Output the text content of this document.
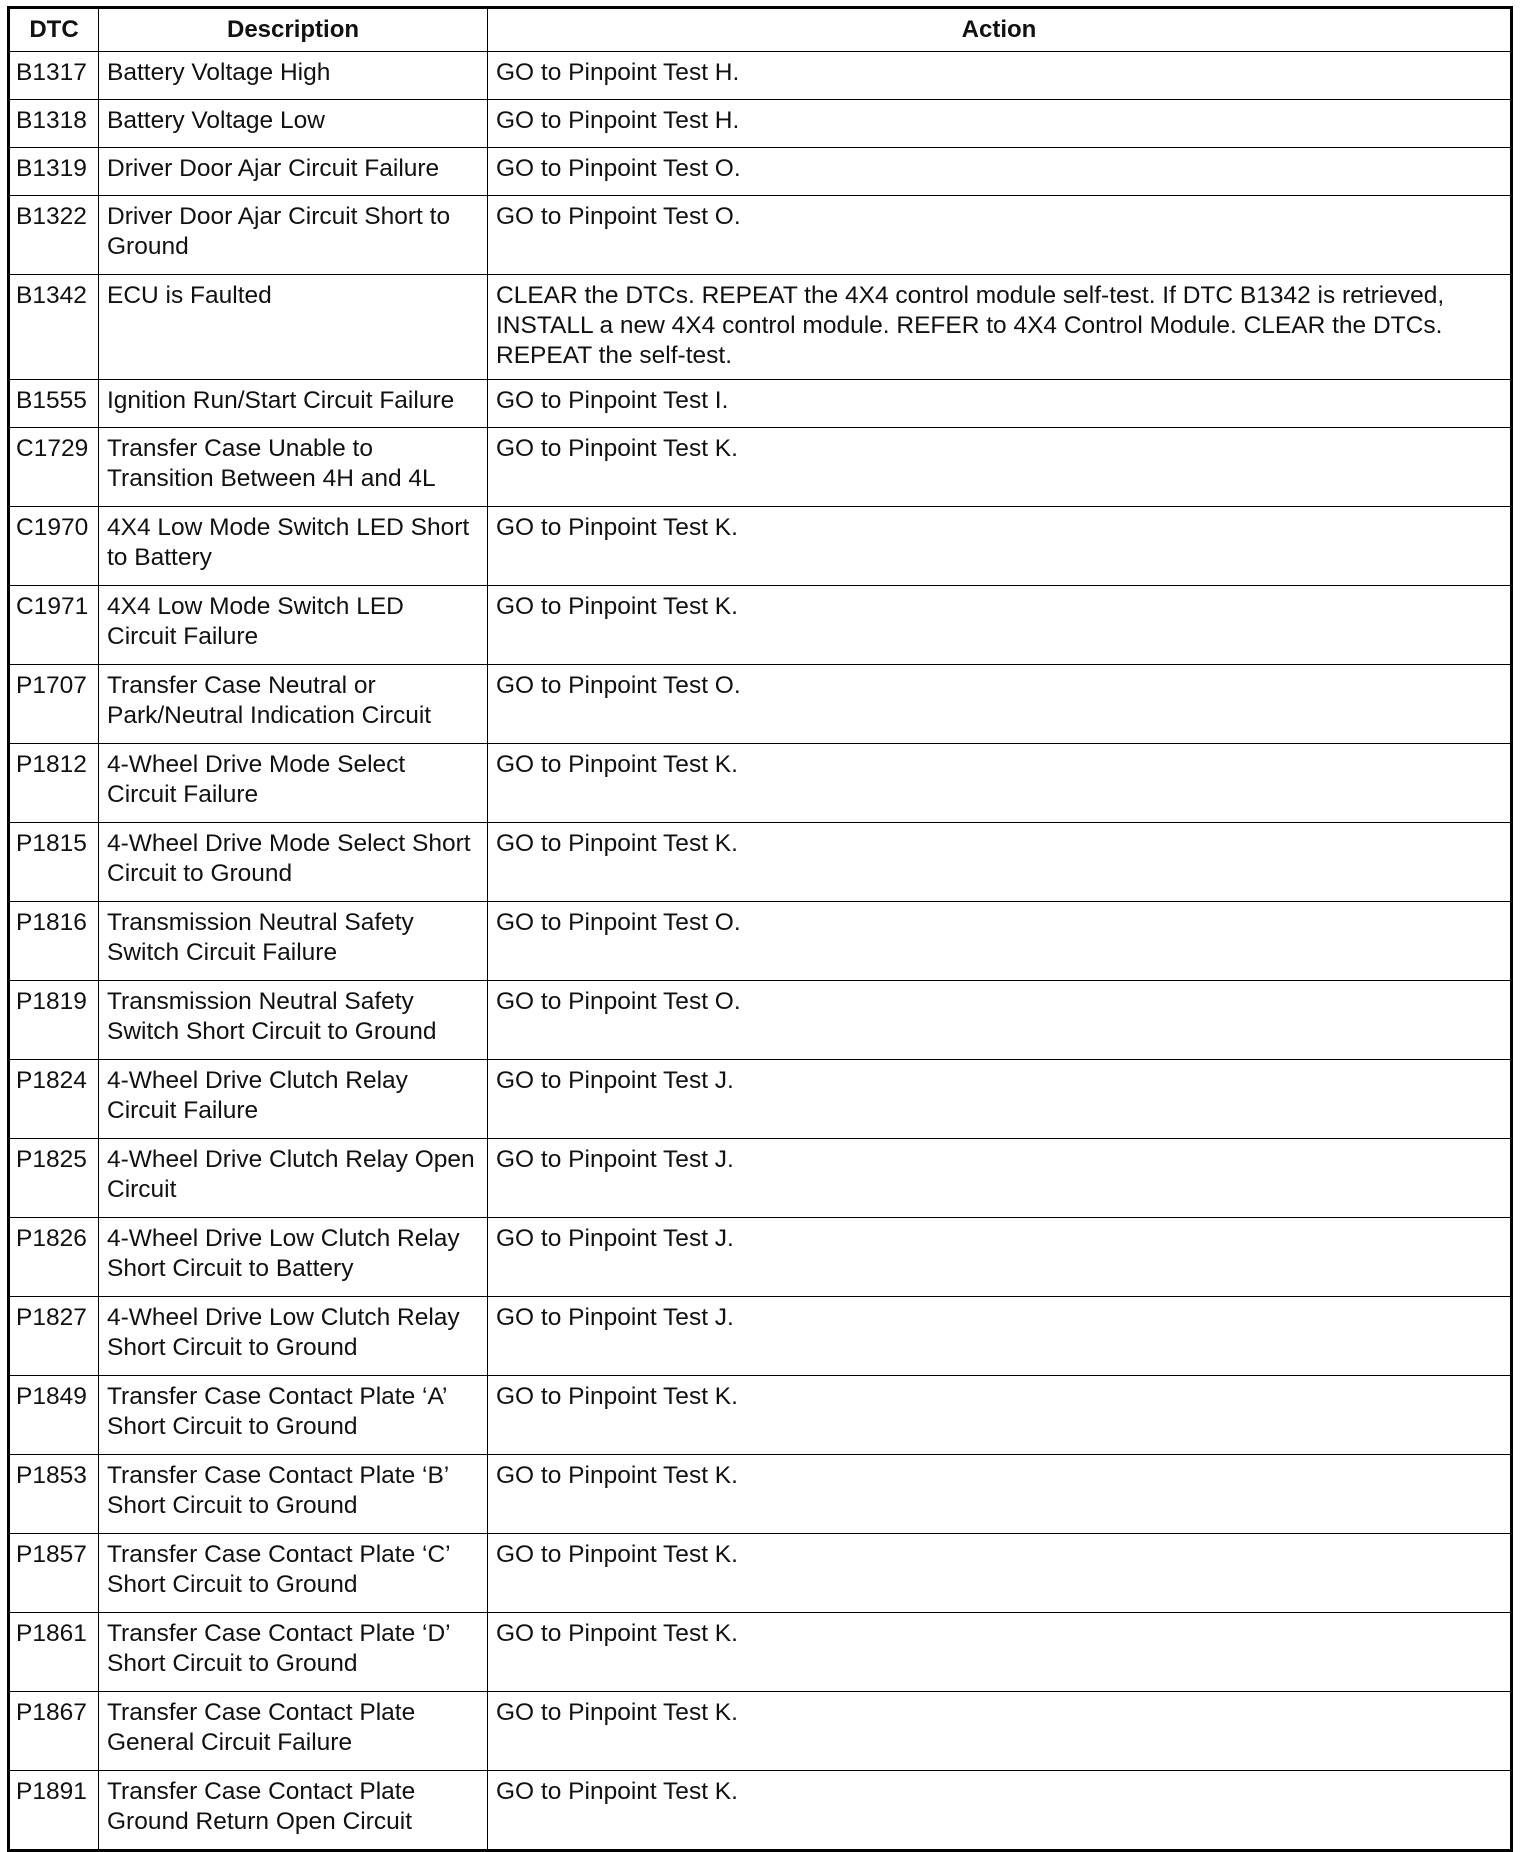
DTC	Description	Action
B1317	Battery Voltage High	GO to Pinpoint Test H.
B1318	Battery Voltage Low	GO to Pinpoint Test H.
B1319	Driver Door Ajar Circuit Failure	GO to Pinpoint Test O.
B1322	Driver Door Ajar Circuit Short to Ground	GO to Pinpoint Test O.
B1342	ECU is Faulted	CLEAR the DTCs. REPEAT the 4X4 control module self-test. If DTC B1342 is retrieved, INSTALL a new 4X4 control module. REFER to 4X4 Control Module. CLEAR the DTCs. REPEAT the self-test.
B1555	Ignition Run/Start Circuit Failure	GO to Pinpoint Test I.
C1729	Transfer Case Unable to Transition Between 4H and 4L	GO to Pinpoint Test K.
C1970	4X4 Low Mode Switch LED Short to Battery	GO to Pinpoint Test K.
C1971	4X4 Low Mode Switch LED Circuit Failure	GO to Pinpoint Test K.
P1707	Transfer Case Neutral or Park/Neutral Indication Circuit	GO to Pinpoint Test O.
P1812	4-Wheel Drive Mode Select Circuit Failure	GO to Pinpoint Test K.
P1815	4-Wheel Drive Mode Select Short Circuit to Ground	GO to Pinpoint Test K.
P1816	Transmission Neutral Safety Switch Circuit Failure	GO to Pinpoint Test O.
P1819	Transmission Neutral Safety Switch Short Circuit to Ground	GO to Pinpoint Test O.
P1824	4-Wheel Drive Clutch Relay Circuit Failure	GO to Pinpoint Test J.
P1825	4-Wheel Drive Clutch Relay Open Circuit	GO to Pinpoint Test J.
P1826	4-Wheel Drive Low Clutch Relay Short Circuit to Battery	GO to Pinpoint Test J.
P1827	4-Wheel Drive Low Clutch Relay Short Circuit to Ground	GO to Pinpoint Test J.
P1849	Transfer Case Contact Plate ‘A’ Short Circuit to Ground	GO to Pinpoint Test K.
P1853	Transfer Case Contact Plate ‘B’ Short Circuit to Ground	GO to Pinpoint Test K.
P1857	Transfer Case Contact Plate ‘C’ Short Circuit to Ground	GO to Pinpoint Test K.
P1861	Transfer Case Contact Plate ‘D’ Short Circuit to Ground	GO to Pinpoint Test K.
P1867	Transfer Case Contact Plate General Circuit Failure	GO to Pinpoint Test K.
P1891	Transfer Case Contact Plate Ground Return Open Circuit	GO to Pinpoint Test K.
